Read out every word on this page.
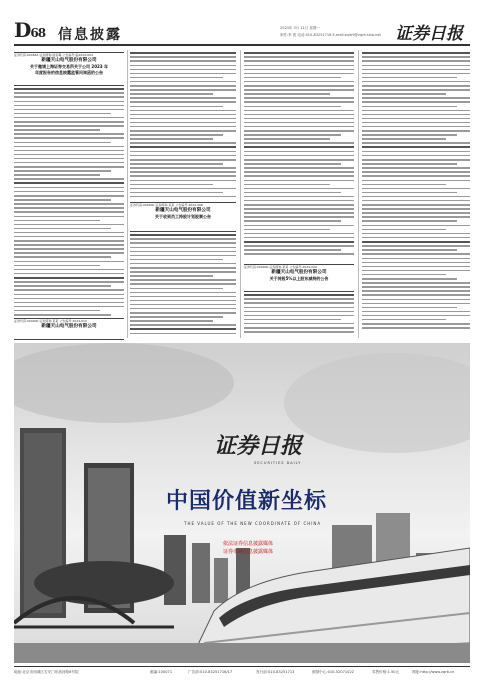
D68 信息披露	2024年 3月 11日 星期一
制作:李 波 电话:010-83251716 E-mail:zqrb9@zqrb.sina.net 证券日报
证券代码:600663 证券简称:陆家嘴 公告编号:临2024-004
新疆天山电气股份有限公司
关于邀请上海证券交易所关于公司 2023 年
年度报告的信息披露监管问询函的公告
证券代码:000000 证券简称:某某 公告编号:2024-008
新疆天山电气股份有限公司
关于收到员工持股计划股票公告
证券代码:000000 证券简称:某某 公告编号:2024-009
新疆天山电气股份有限公司
关于持股5%以上股东减持的公告
证券代码:000000 证券简称:某某 公告编号:2024-010
新疆天山电气股份有限公司
证券日报
SECURITIES DAILY
中国价值新坐标
THE VALUE OF THE NEW COORDINATE OF CHINA
依法证券信息披露媒体
证券市场信息披露媒体
地址:北京市西城区右安门东滨河路6号院	邮编:100071	广告部:010-83251716/17	发行部:010-83251713	照排中心:010-52071022	零售价格:1.50元	网址:http://www.zqrb.cn
